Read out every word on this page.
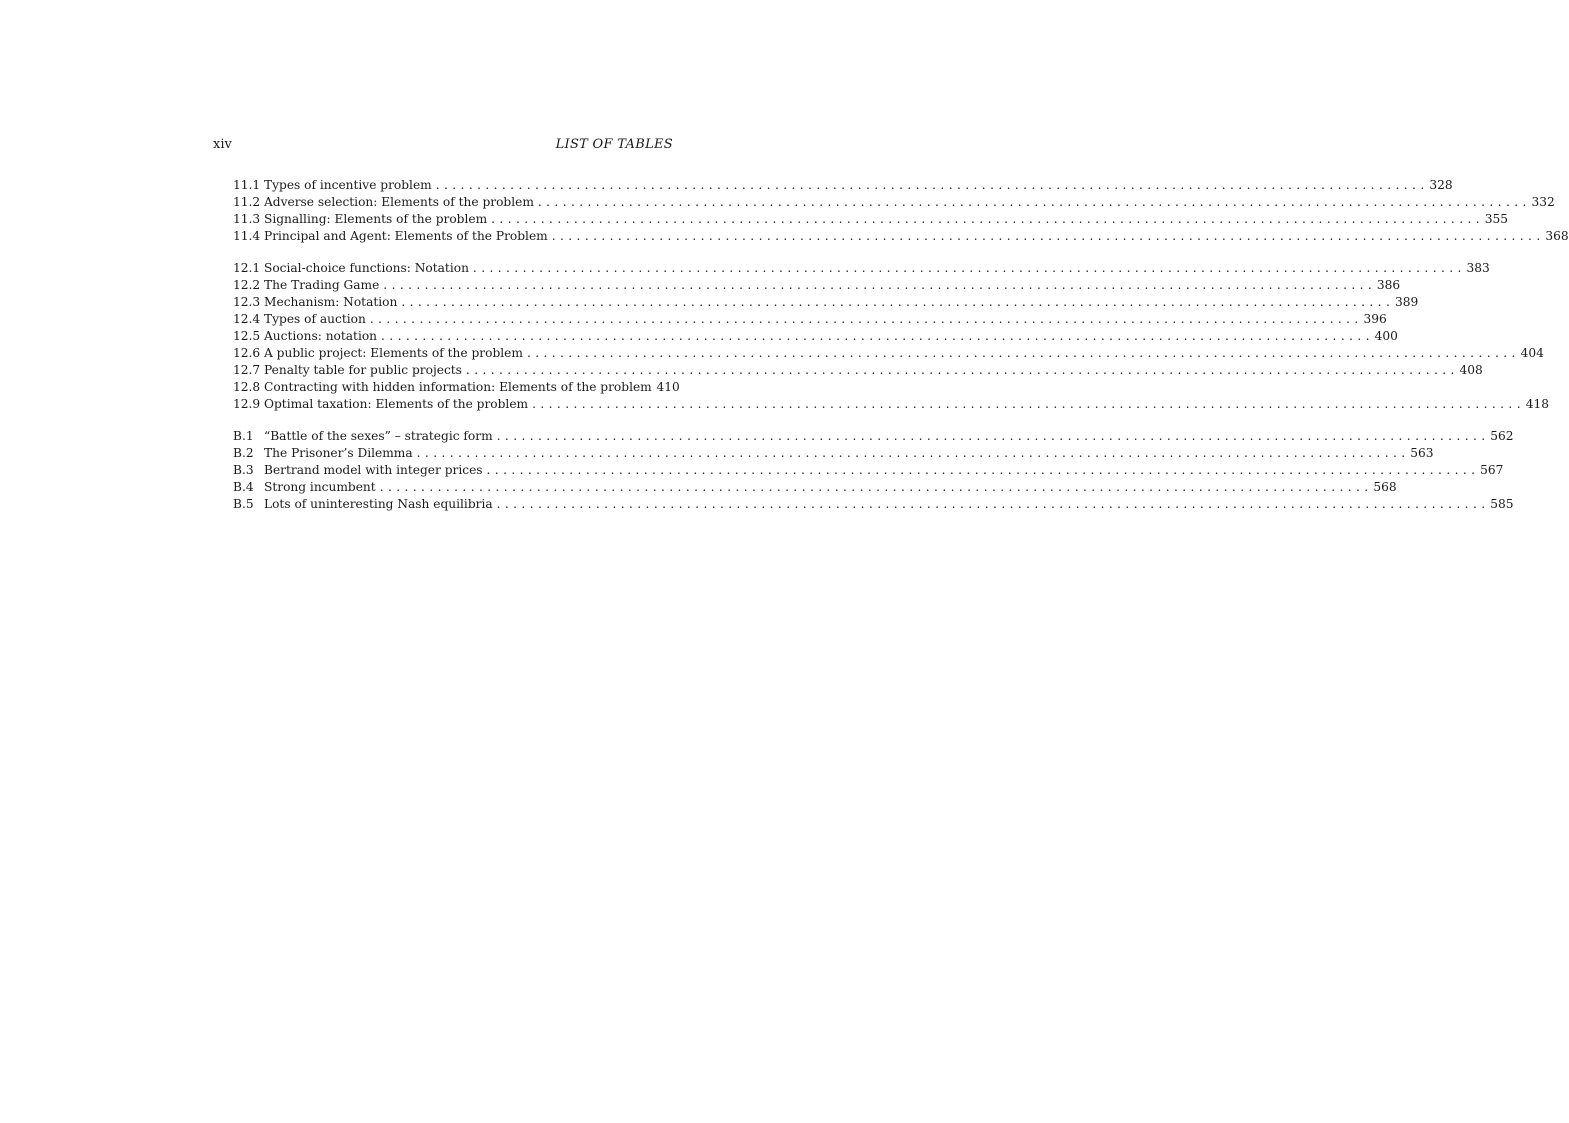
xiv	LIST OF TABLES
11.1 Types of incentive problem ........................................................................................................................ 328
11.2 Adverse selection: Elements of the problem ........................................................................................................................ 332
11.3 Signalling: Elements of the problem ........................................................................................................................ 355
11.4 Principal and Agent: Elements of the Problem ........................................................................................................................ 368
12.1 Social-choice functions: Notation ........................................................................................................................ 383
12.2 The Trading Game ........................................................................................................................ 386
12.3 Mechanism: Notation ........................................................................................................................ 389
12.4 Types of auction ........................................................................................................................ 396
12.5 Auctions: notation ........................................................................................................................ 400
12.6 A public project: Elements of the problem ........................................................................................................................ 404
12.7 Penalty table for public projects ........................................................................................................................ 408
12.8 Contracting with hidden information: Elements of the problem 410
12.9 Optimal taxation: Elements of the problem ........................................................................................................................ 418
B.1 “Battle of the sexes” – strategic form ........................................................................................................................ 562
B.2 The Prisoner’s Dilemma ........................................................................................................................ 563
B.3 Bertrand model with integer prices ........................................................................................................................ 567
B.4 Strong incumbent ........................................................................................................................ 568
B.5 Lots of uninteresting Nash equilibria ........................................................................................................................ 585
